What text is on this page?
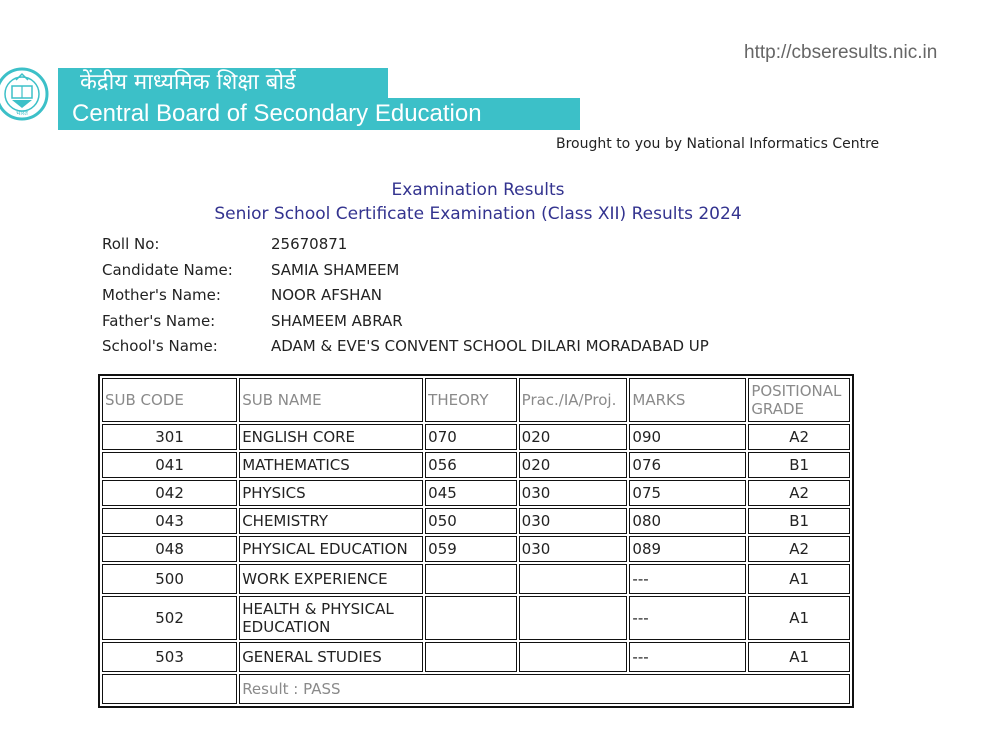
भारत
केंद्रीय माध्यमिक शिक्षा बोर्ड
Central Board of Secondary Education
http://cbseresults.nic.in
Brought to you by National Informatics Centre
Examination Results
Senior School Certificate Examination (Class XII) Results 2024
Roll No:	25670871
Candidate Name:	SAMIA SHAMEEM
Mother's Name:	NOOR AFSHAN
Father's Name:	SHAMEEM ABRAR
School's Name:	ADAM & EVE'S CONVENT SCHOOL DILARI MORADABAD UP
SUB CODE	SUB NAME	THEORY	Prac./IA/Proj.	MARKS	POSITIONAL
GRADE
301	ENGLISH CORE	070	020	090	A2
041	MATHEMATICS	056	020	076	B1
042	PHYSICS	045	030	075	A2
043	CHEMISTRY	050	030	080	B1
048	PHYSICAL EDUCATION	059	030	089	A2
500	WORK EXPERIENCE			---	A1
502	HEALTH & PHYSICAL EDUCATION			---	A1
503	GENERAL STUDIES			---	A1
	Result : PASS				
